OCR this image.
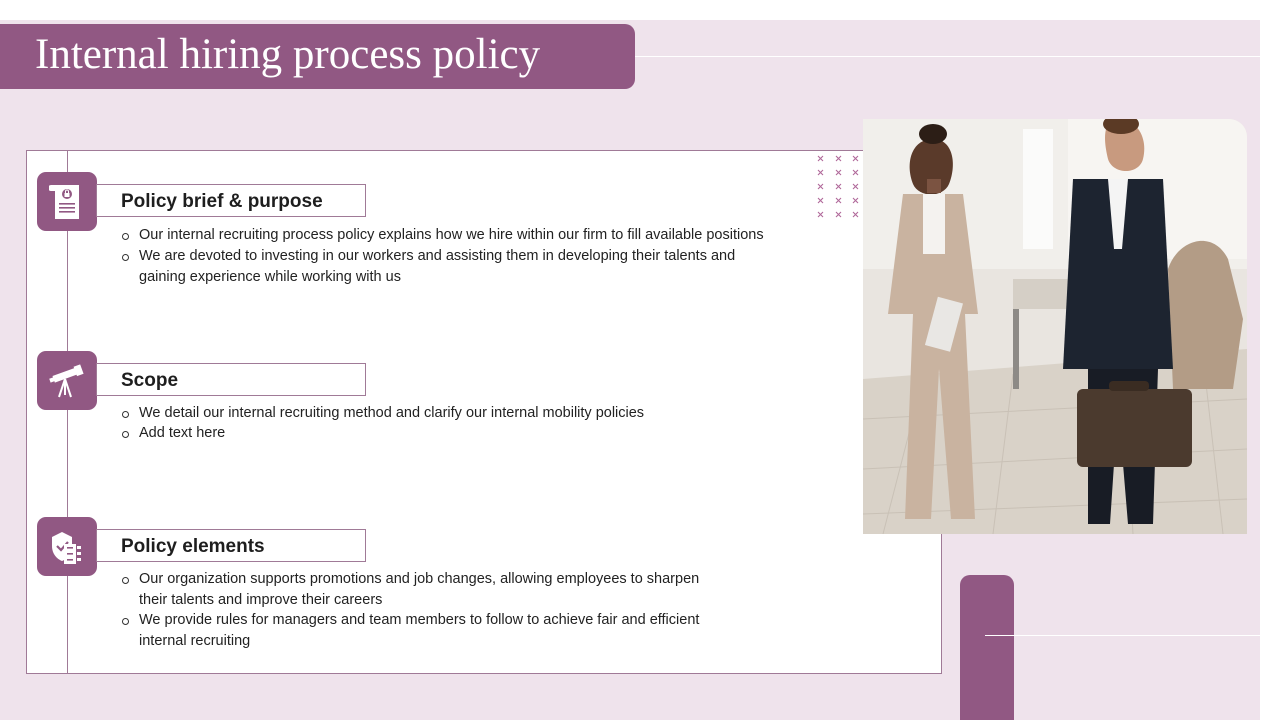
Internal hiring process policy
Policy brief & purpose
Our internal recruiting process policy explains how we hire within our firm to fill available positions
We are devoted to investing in our workers and assisting them in developing their talents and gaining experience while working with us
Scope
We detail our internal recruiting method and clarify our internal mobility policies
Add text here
Policy elements
Our organization supports promotions and job changes, allowing employees to sharpen their talents and improve their careers
We provide rules for managers and team members to follow to achieve fair and efficient internal recruiting
